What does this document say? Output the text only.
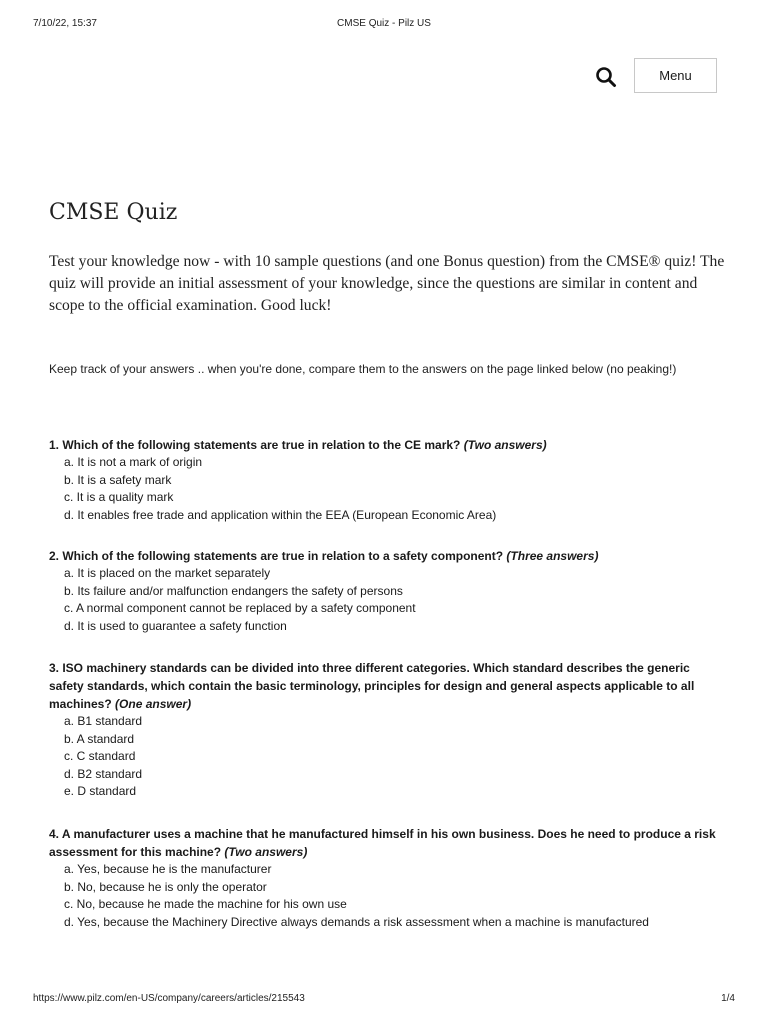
7/10/22, 15:37	CMSE Quiz - Pilz US
Menu
CMSE Quiz

Test your knowledge now - with 10 sample questions (and one Bonus question) from the CMSE® quiz! The quiz will provide an initial assessment of your knowledge, since the questions are similar in content and scope to the official examination. Good luck!

Keep track of your answers .. when you're done, compare them to the answers on the page linked below (no peaking!)

1. Which of the following statements are true in relation to the CE mark? (Two answers)

a. It is not a mark of origin
b. It is a safety mark
c. It is a quality mark
d. It enables free trade and application within the EEA (European Economic Area)

2. Which of the following statements are true in relation to a safety component? (Three answers)

a. It is placed on the market separately
b. Its failure and/or malfunction endangers the safety of persons
c. A normal component cannot be replaced by a safety component
d. It is used to guarantee a safety function

3. ISO machinery standards can be divided into three different categories. Which standard describes the generic safety standards, which contain the basic terminology, principles for design and general aspects applicable to all machines? (One answer)

a. B1 standard
b. A standard
c. C standard
d. B2 standard
e. D standard

4. A manufacturer uses a machine that he manufactured himself in his own business. Does he need to produce a risk assessment for this machine? (Two answers)

a. Yes, because he is the manufacturer
b. No, because he is only the operator
c. No, because he made the machine for his own use
d. Yes, because the Machinery Directive always demands a risk assessment when a machine is manufactured
https://www.pilz.com/en-US/company/careers/articles/215543	1/4
